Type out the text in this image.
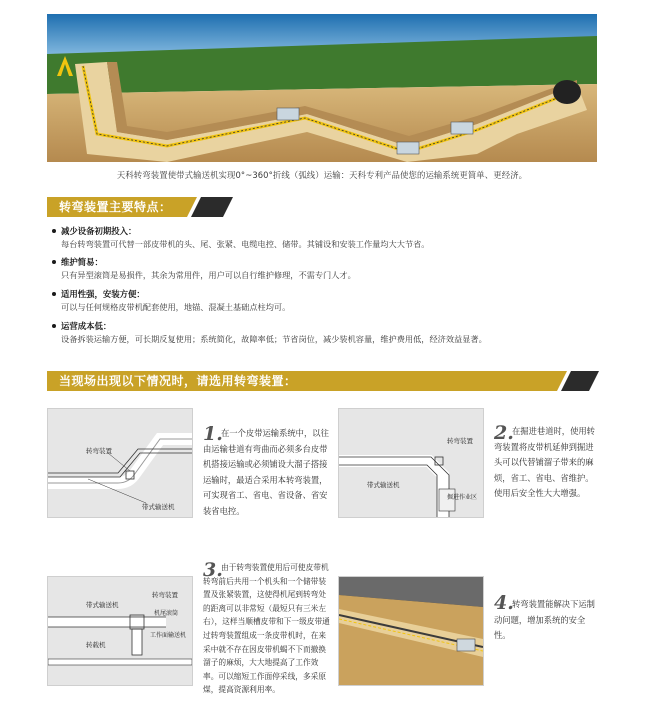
天科转弯装置使带式输送机实现0°~360°折线（弧线）运输：天科专利产品使您的运输系统更简单、更经济。
转弯装置主要特点：
减少设备初期投入：
每台转弯装置可代替一部皮带机的头、尾、张紧、电缆电控、储带。其铺设和安装工作量均大大节省。
维护简易：
只有异型滚筒是易损件，其余为常用件，用户可以自行维护修理，不需专门人才。
适用性强，安装方便：
可以与任何规格皮带机配套使用，地锚、混凝土基础点柱均可。
运营成本低：
设备拆装运输方便，可长期反复使用；系统简化，故障率低；节省岗位，减少装机容量，维护费用低，经济效益显著。
当现场出现以下情况时，请选用转弯装置：
转弯装置
带式输送机
1.
在一个皮带运输系统中，以往由运输巷道有弯曲而必须多台皮带机搭接运输或必须铺设大溜子搭接运输时，最适合采用本转弯装置，可实现省工、省电、省设备、省安装省电控。
转弯装置
带式输送机
掘进作业区
2.
在掘进巷道时，使用转弯装置将皮带机延伸到掘进头可以代替铺溜子带来的麻烦，省工、省电、省维护。使用后安全性大大增强。
带式输送机
转弯装置
机尾滚筒
工作面输送机
转载机
3.
由于转弯装置使用后可使皮带机转弯前后共用一个机头和一个储带装置及张紧装置，这使得机尾到转弯处的距离可以非常短（最短只有三米左右），这样当顺槽皮带和下一级皮带通过转弯装置组成一条皮带机时，在来采中就不存在因皮带机蝎不下而撤换溜子的麻烦，大大地提高了工作效率。可以缩短工作面停采线，多采原煤，提高资源利用率。
4.
转弯装置能解决下运制动问题，增加系统的安全性。
